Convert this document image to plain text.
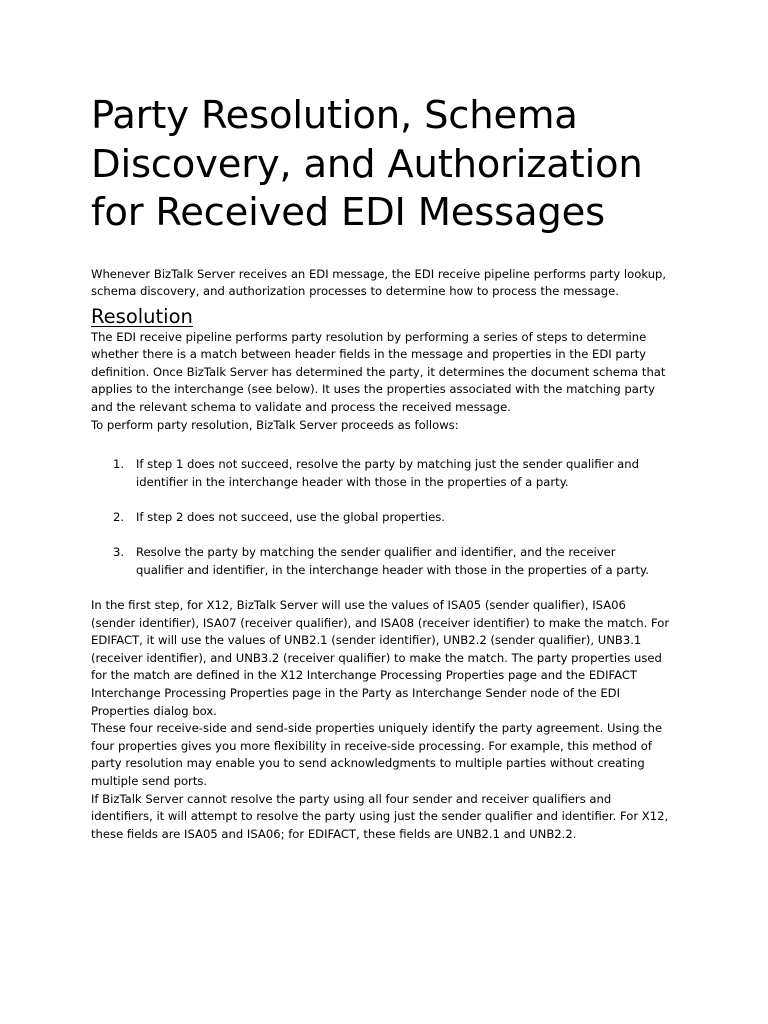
Party Resolution, Schema Discovery, and Authorization for Received EDI Messages

Whenever BizTalk Server receives an EDI message, the EDI receive pipeline performs party lookup, schema discovery, and authorization processes to determine how to process the message.

Resolution

The EDI receive pipeline performs party resolution by performing a series of steps to determine whether there is a match between header fields in the message and properties in the EDI party definition. Once BizTalk Server has determined the party, it determines the document schema that applies to the interchange (see below). It uses the properties associated with the matching party and the relevant schema to validate and process the received message.

To perform party resolution, BizTalk Server proceeds as follows:

1. If step 1 does not succeed, resolve the party by matching just the sender qualifier and identifier in the interchange header with those in the properties of a party.
2. If step 2 does not succeed, use the global properties.
3. Resolve the party by matching the sender qualifier and identifier, and the receiver qualifier and identifier, in the interchange header with those in the properties of a party.

In the first step, for X12, BizTalk Server will use the values of ISA05 (sender qualifier), ISA06 (sender identifier), ISA07 (receiver qualifier), and ISA08 (receiver identifier) to make the match. For EDIFACT, it will use the values of UNB2.1 (sender identifier), UNB2.2 (sender qualifier), UNB3.1 (receiver identifier), and UNB3.2 (receiver qualifier) to make the match. The party properties used for the match are defined in the X12 Interchange Processing Properties page and the EDIFACT Interchange Processing Properties page in the Party as Interchange Sender node of the EDI Properties dialog box.

These four receive-side and send-side properties uniquely identify the party agreement. Using the four properties gives you more flexibility in receive-side processing. For example, this method of party resolution may enable you to send acknowledgments to multiple parties without creating multiple send ports.

If BizTalk Server cannot resolve the party using all four sender and receiver qualifiers and identifiers, it will attempt to resolve the party using just the sender qualifier and identifier. For X12, these fields are ISA05 and ISA06; for EDIFACT, these fields are UNB2.1 and UNB2.2.
